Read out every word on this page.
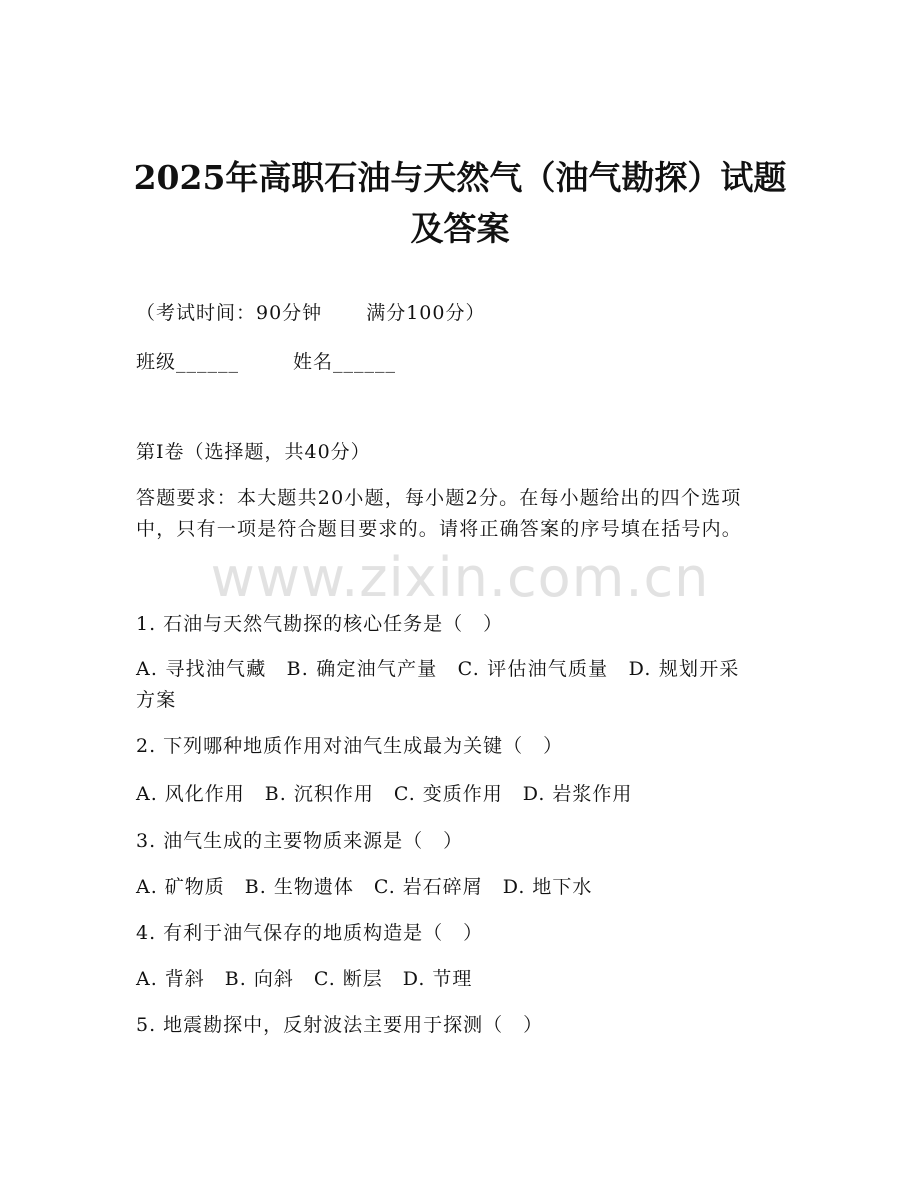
2025年高职石油与天然气（油气勘探）试题
及答案
（考试时间：90分钟 满分100分）
班级______	姓名______
第Ⅰ卷（选择题，共40分）
答题要求：本大题共20小题，每小题2分。在每小题给出的四个选项
中，只有一项是符合题目要求的。请将正确答案的序号填在括号内。
www.zixin.com.cn
1. 石油与天然气勘探的核心任务是（　）
A. 寻找油气藏　B. 确定油气产量　C. 评估油气质量　D. 规划开采
方案
2. 下列哪种地质作用对油气生成最为关键（　）
A. 风化作用　B. 沉积作用　C. 变质作用　D. 岩浆作用
3. 油气生成的主要物质来源是（　）
A. 矿物质　B. 生物遗体　C. 岩石碎屑　D. 地下水
4. 有利于油气保存的地质构造是（　）
A. 背斜　B. 向斜　C. 断层　D. 节理
5. 地震勘探中，反射波法主要用于探测（　）
